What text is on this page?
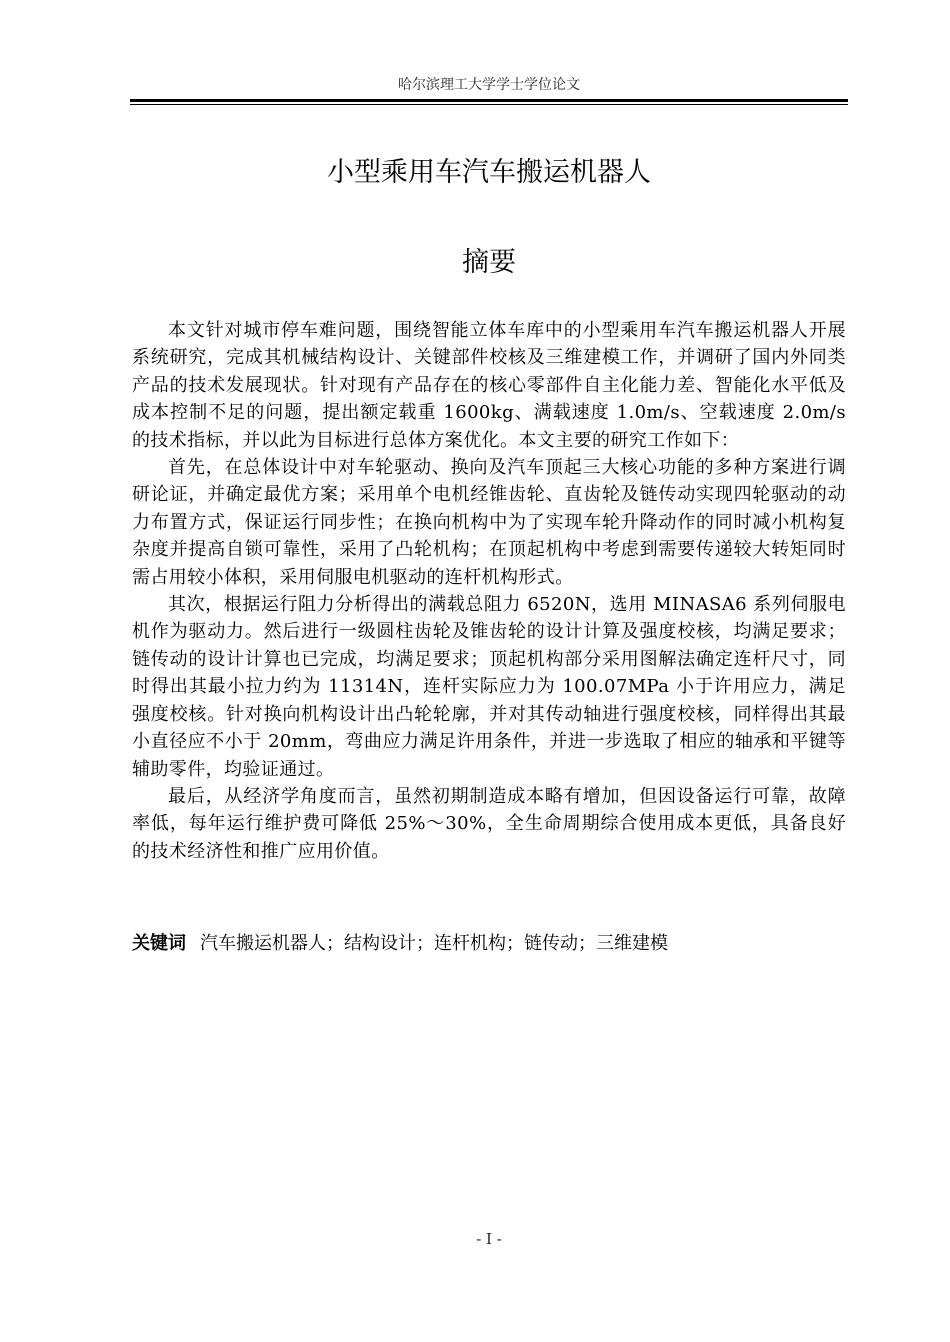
哈尔滨理工大学学士学位论文
小型乘用车汽车搬运机器人
摘要

本文针对城市停车难问题，围绕智能立体车库中的小型乘用车汽车搬运机器人开展系统研究，完成其机械结构设计、关键部件校核及三维建模工作，并调研了国内外同类产品的技术发展现状。针对现有产品存在的核心零部件自主化能力差、智能化水平低及成本控制不足的问题，提出额定载重 1600kg、满载速度 1.0m/s、空载速度 2.0m/s 的技术指标，并以此为目标进行总体方案优化。本文主要的研究工作如下：

首先，在总体设计中对车轮驱动、换向及汽车顶起三大核心功能的多种方案进行调研论证，并确定最优方案；采用单个电机经锥齿轮、直齿轮及链传动实现四轮驱动的动力布置方式，保证运行同步性；在换向机构中为了实现车轮升降动作的同时减小机构复杂度并提高自锁可靠性，采用了凸轮机构；在顶起机构中考虑到需要传递较大转矩同时需占用较小体积，采用伺服电机驱动的连杆机构形式。

其次，根据运行阻力分析得出的满载总阻力 6520N，选用 MINASA6 系列伺服电机作为驱动力。然后进行一级圆柱齿轮及锥齿轮的设计计算及强度校核，均满足要求；链传动的设计计算也已完成，均满足要求；顶起机构部分采用图解法确定连杆尺寸，同时得出其最小拉力约为 11314N，连杆实际应力为 100.07MPa 小于许用应力，满足强度校核。针对换向机构设计出凸轮轮廓，并对其传动轴进行强度校核，同样得出其最小直径应不小于 20mm，弯曲应力满足许用条件，并进一步选取了相应的轴承和平键等辅助零件，均验证通过。

最后，从经济学角度而言，虽然初期制造成本略有增加，但因设备运行可靠，故障率低，每年运行维护费可降低 25%～30%，全生命周期综合使用成本更低，具备良好的技术经济性和推广应用价值。

关键词 汽车搬运机器人；结构设计；连杆机构；链传动；三维建模
- I -
